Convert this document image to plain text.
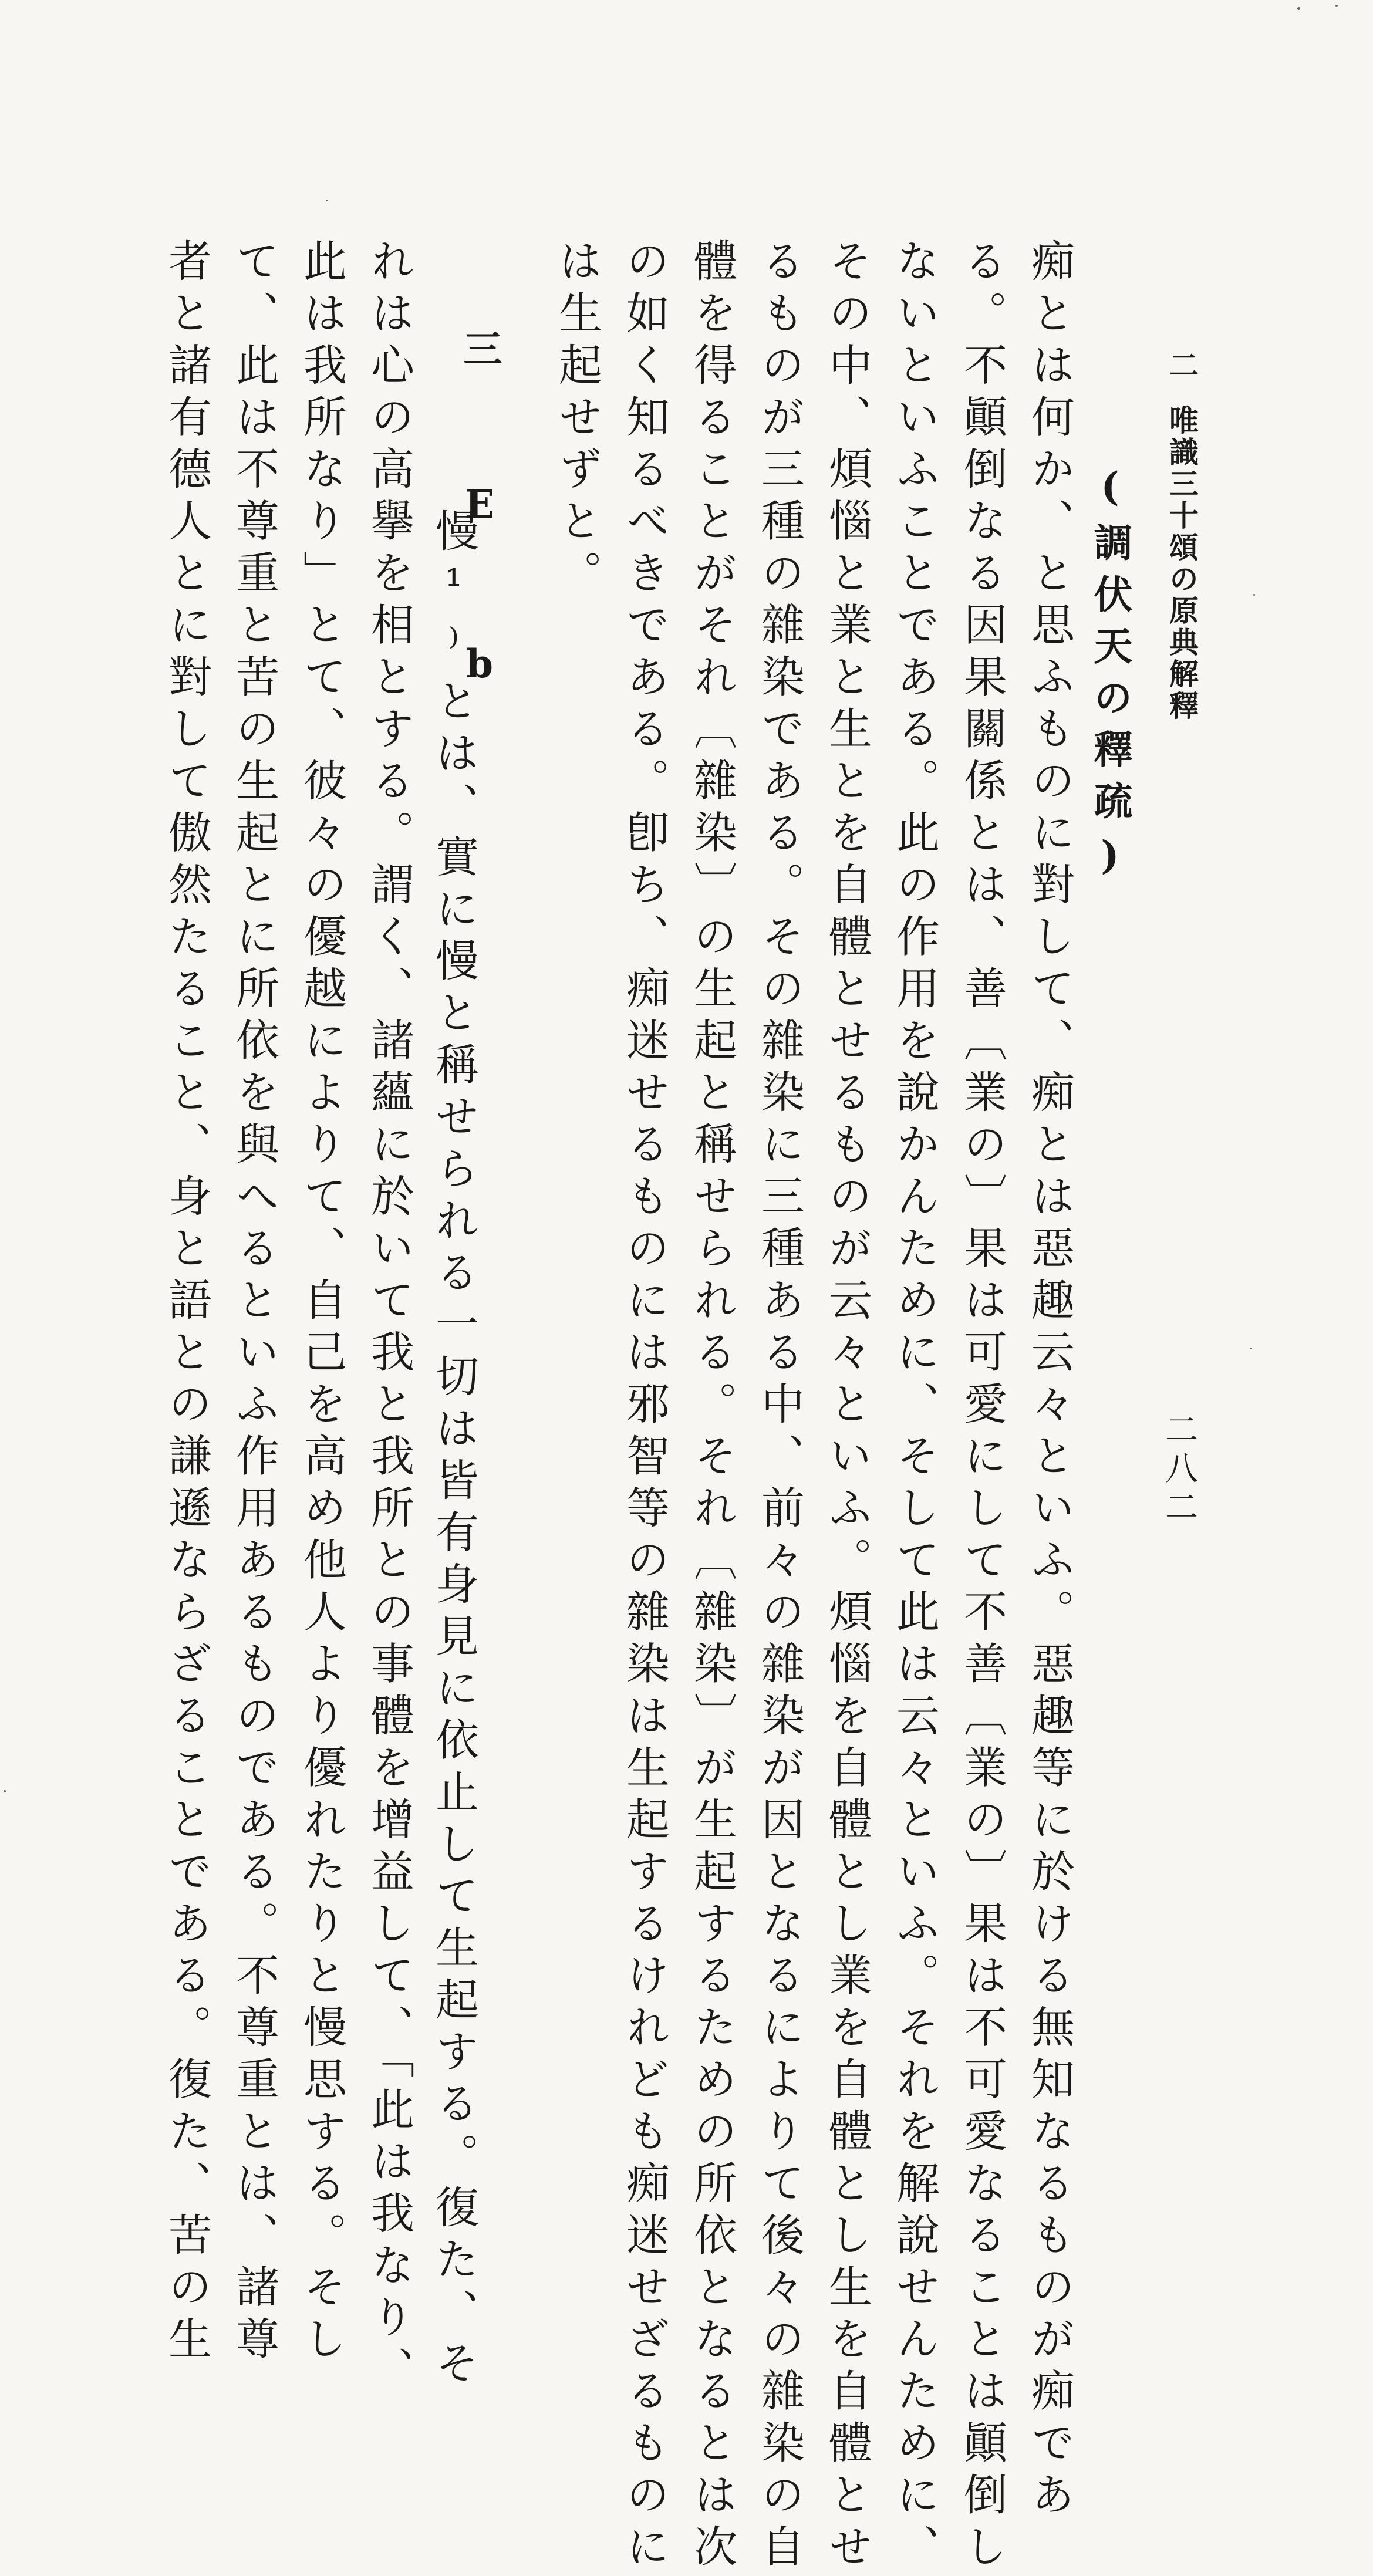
二唯識三十頌の原典解釋
二八二
(調伏天の釋疏)
痴とは何か、と思ふものに對して、痴とは惡趣云々といふ。惡趣等に於ける無知なるものが痴であ
る。不顚倒なる因果關係とは、善〔業の〕果は可愛にして不善〔業の〕果は不可愛なることは顚倒し
ないといふことである。此の作用を說かんために、そして此は云々といふ。それを解說せんために、
その中、煩惱と業と生とを自體とせるものが云々といふ。煩惱を自體とし業を自體とし生を自體とせ
るものが三種の雜染である。その雜染に三種ある中、前々の雜染が因となるによりて後々の雜染の自
體を得ることがそれ〔雜染〕の生起と稱せられる。それ〔雜染〕が生起するための所依となるとは次
の如く知るべきである。卽ち、痴迷せるものには邪智等の雜染は生起するけれども痴迷せざるものに
は生起せずと。
三 E b
慢¹⁾とは、實に慢と稱せられる一切は皆有身見に依止して生起する。復た、そ
れは心の高擧を相とする。謂く、諸蘊に於いて我と我所との事體を增益して、「此は我なり、
此は我所なり」とて、彼々の優越によりて、自己を高め他人より優れたりと慢思する。そし
て、此は不尊重と苦の生起とに所依を與へるといふ作用あるものである。不尊重とは、諸尊
者と諸有德人とに對して傲然たること、身と語との謙遜ならざることである。復た、苦の生
